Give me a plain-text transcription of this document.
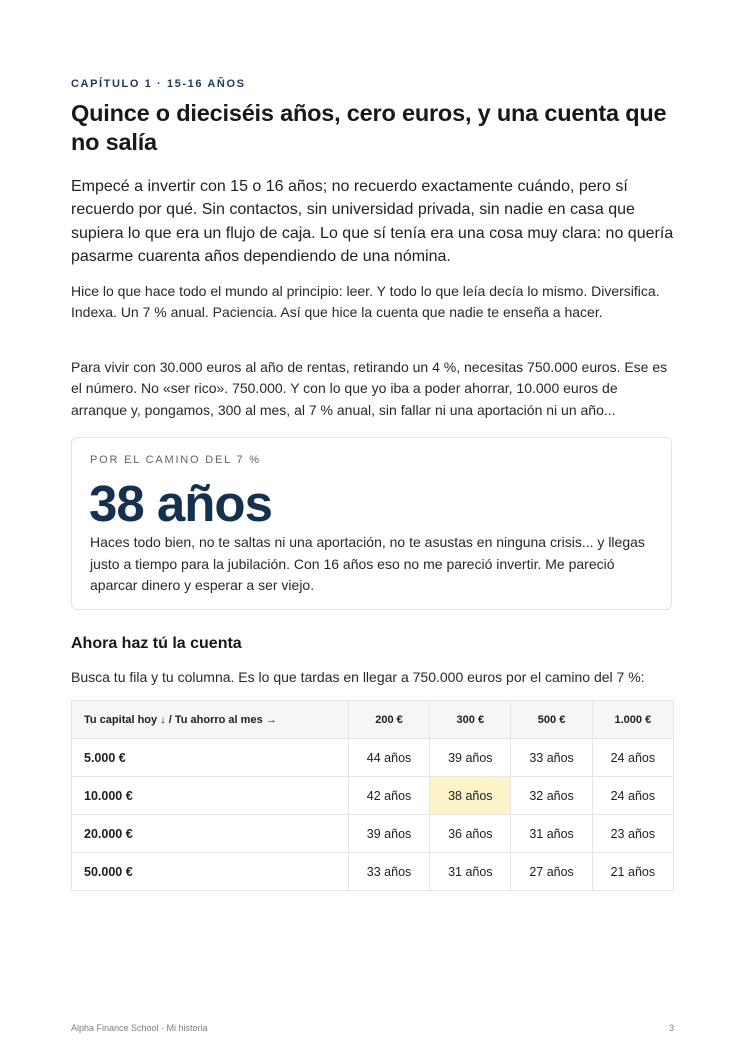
CAPÍTULO 1 · 15-16 AÑOS
Quince o dieciséis años, cero euros, y una cuenta que no salía

Empecé a invertir con 15 o 16 años; no recuerdo exactamente cuándo, pero sí recuerdo por qué. Sin contactos, sin universidad privada, sin nadie en casa que supiera lo que era un flujo de caja. Lo que sí tenía era una cosa muy clara: no quería pasarme cuarenta años dependiendo de una nómina.

Hice lo que hace todo el mundo al principio: leer. Y todo lo que leía decía lo mismo. Diversifica. Indexa. Un 7 % anual. Paciencia. Así que hice la cuenta que nadie te enseña a hacer.

Para vivir con 30.000 euros al año de rentas, retirando un 4 %, necesitas 750.000 euros. Ese es el número. No «ser rico». 750.000. Y con lo que yo iba a poder ahorrar, 10.000 euros de arranque y, pongamos, 300 al mes, al 7 % anual, sin fallar ni una aportación ni un año...

POR EL CAMINO DEL 7 %
38 años

Haces todo bien, no te saltas ni una aportación, no te asustas en ninguna crisis... y llegas justo a tiempo para la jubilación. Con 16 años eso no me pareció invertir. Me pareció aparcar dinero y esperar a ser viejo.

Ahora haz tú la cuenta

Busca tu fila y tu columna. Es lo que tardas en llegar a 750.000 euros por el camino del 7 %:

Tu capital hoy ↓ / Tu ahorro al mes →	200 €	300 €	500 €	1.000 €
5.000 €	44 años	39 años	33 años	24 años
10.000 €	42 años	38 años	32 años	24 años
20.000 €	39 años	36 años	31 años	23 años
50.000 €	33 años	31 años	27 años	21 años
Alpha Finance School · Mi historia	3
